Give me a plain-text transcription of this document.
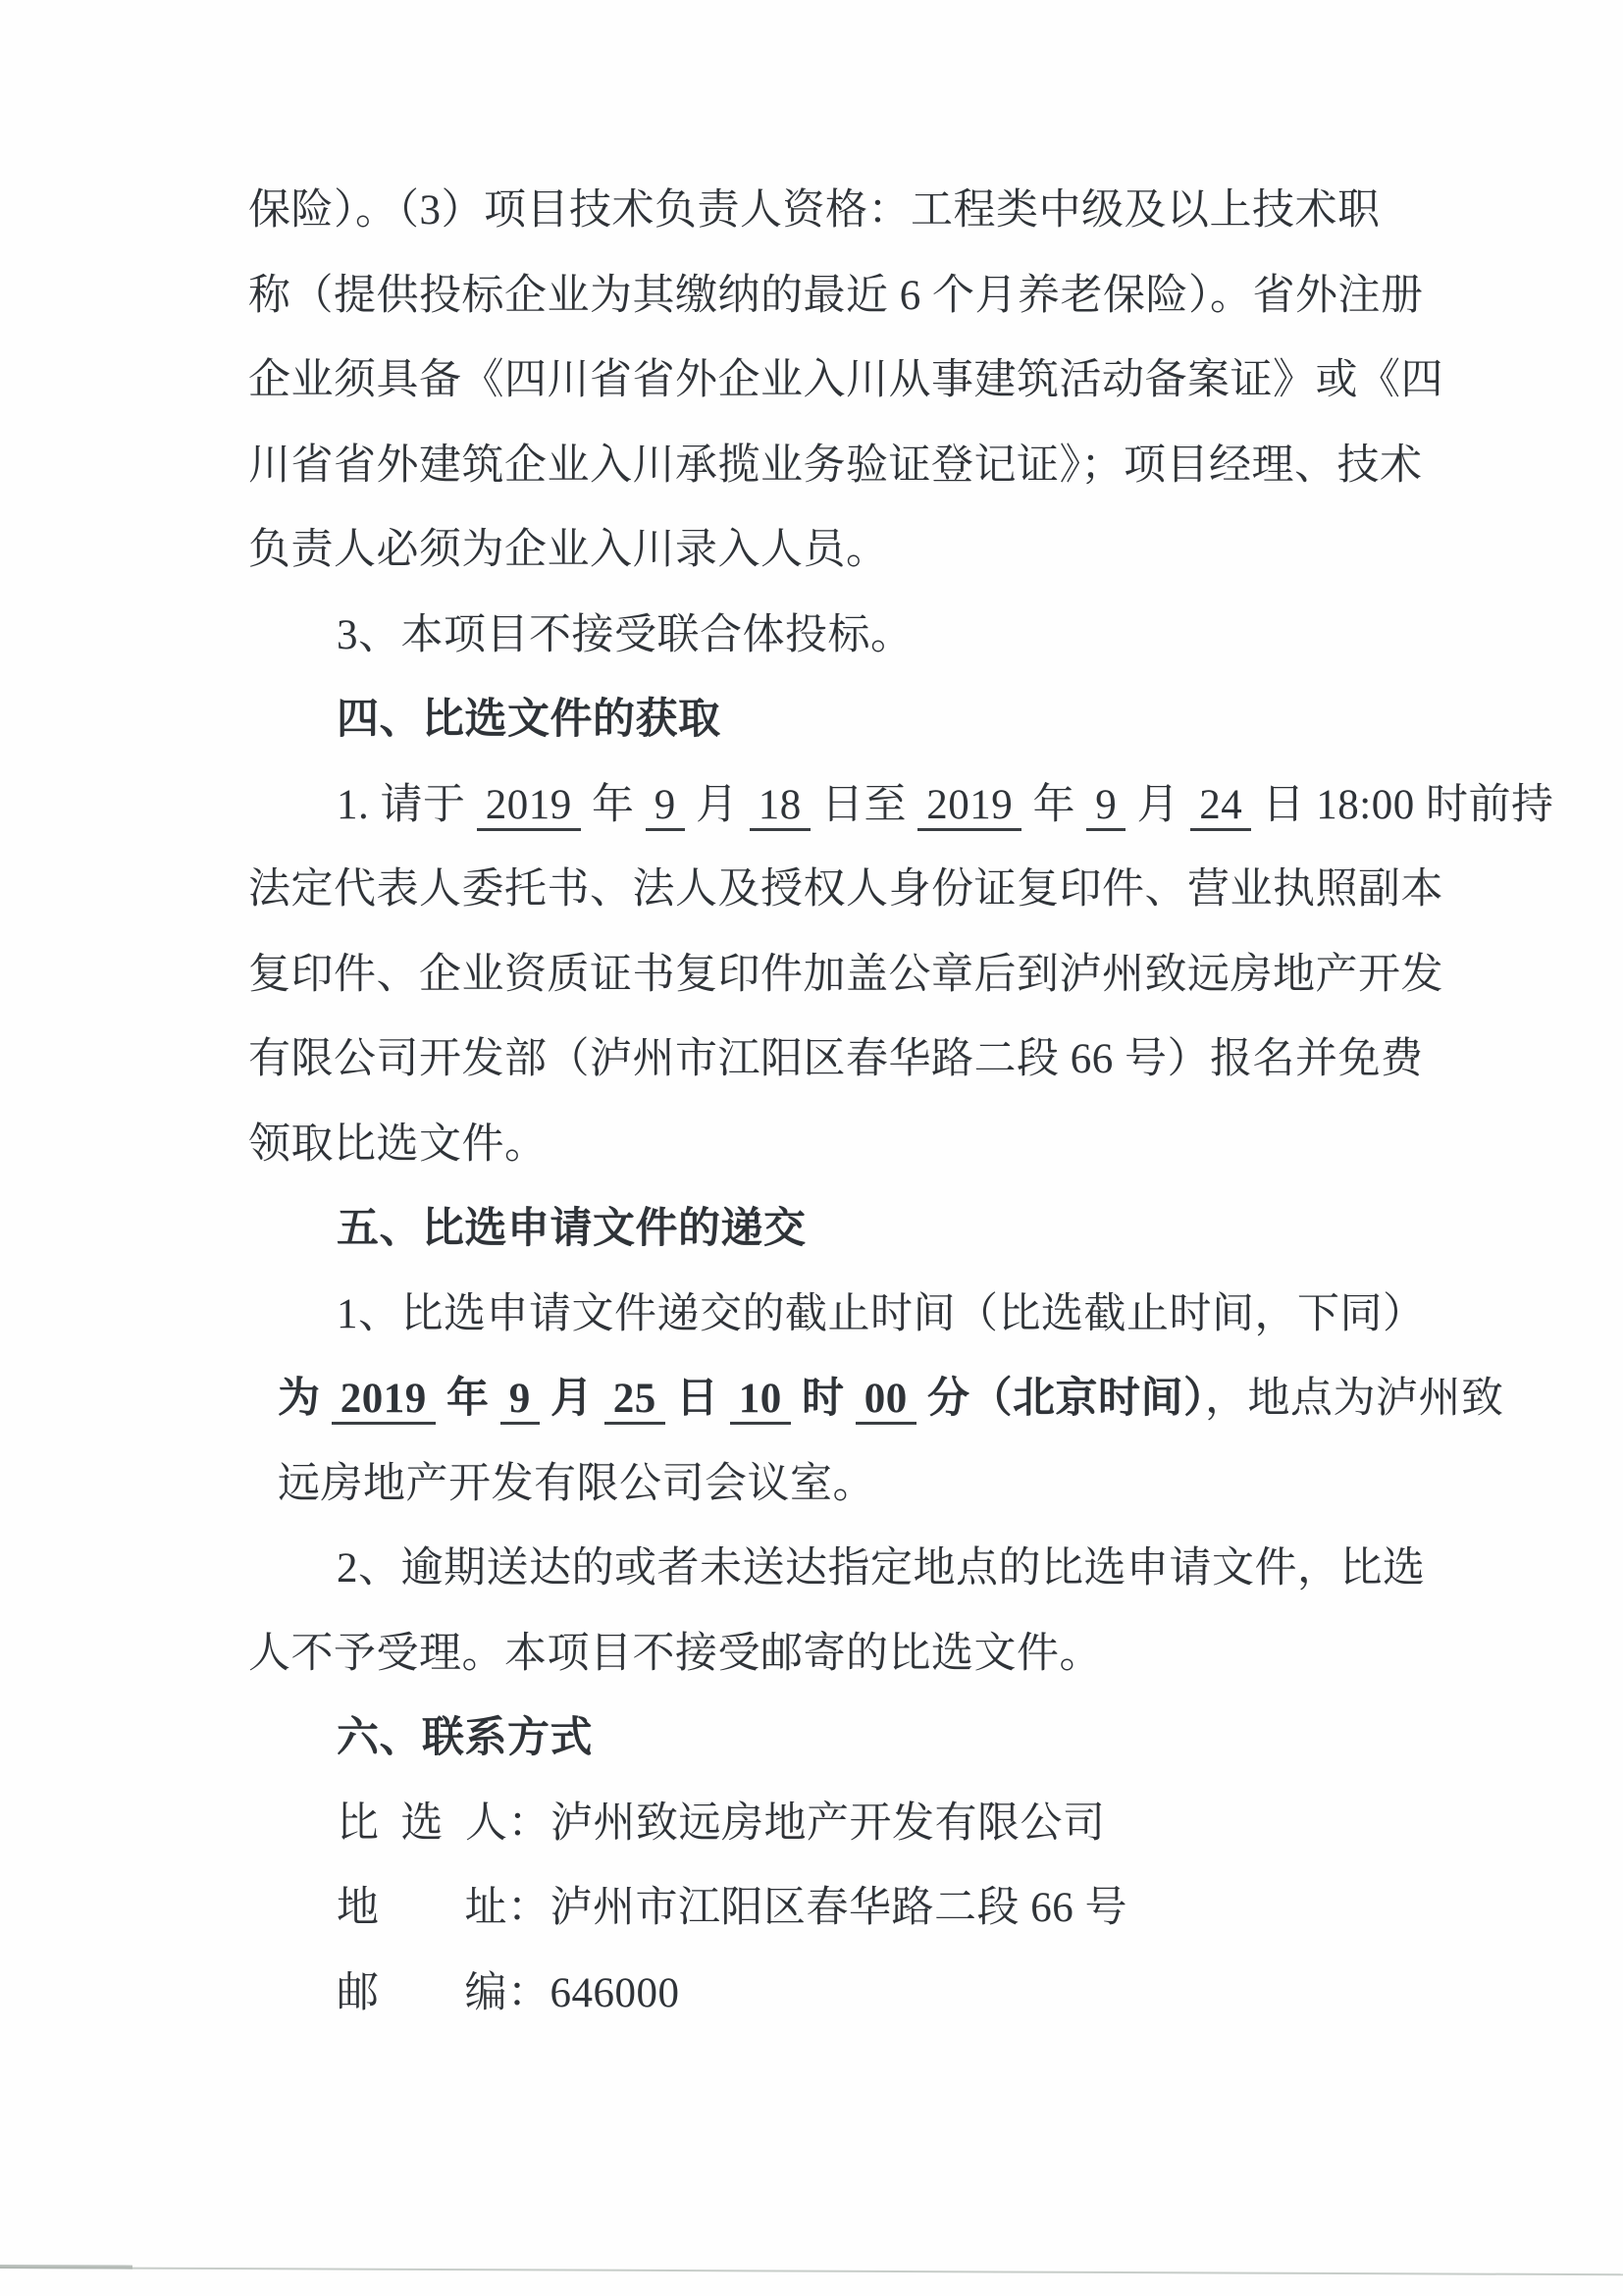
保险）。（3）项目技术负责人资格：工程类中级及以上技术职
称（提供投标企业为其缴纳的最近 6 个月养老保险）。省外注册
企业须具备《四川省省外企业入川从事建筑活动备案证》或《四
川省省外建筑企业入川承揽业务验证登记证》；项目经理、技术
负责人必须为企业入川录入人员。
3、本项目不接受联合体投标。
四、比选文件的获取
1. 请于 2019 年 9 月 18 日至 2019 年 9 月 24 日 18:00 时前持
法定代表人委托书、法人及授权人身份证复印件、营业执照副本
复印件、企业资质证书复印件加盖公章后到泸州致远房地产开发
有限公司开发部（泸州市江阳区春华路二段 66 号）报名并免费
领取比选文件。
五、比选申请文件的递交
1、比选申请文件递交的截止时间（比选截止时间，下同）
为 2019 年 9 月 25 日 10 时 00 分（北京时间），地点为泸州致
远房地产开发有限公司会议室。
2、逾期送达的或者未送达指定地点的比选申请文件，比选
人不予受理。本项目不接受邮寄的比选文件。
六、联系方式
比 选 人：泸州致远房地产开发有限公司
地　　址：泸州市江阳区春华路二段 66 号
邮　　编：646000
